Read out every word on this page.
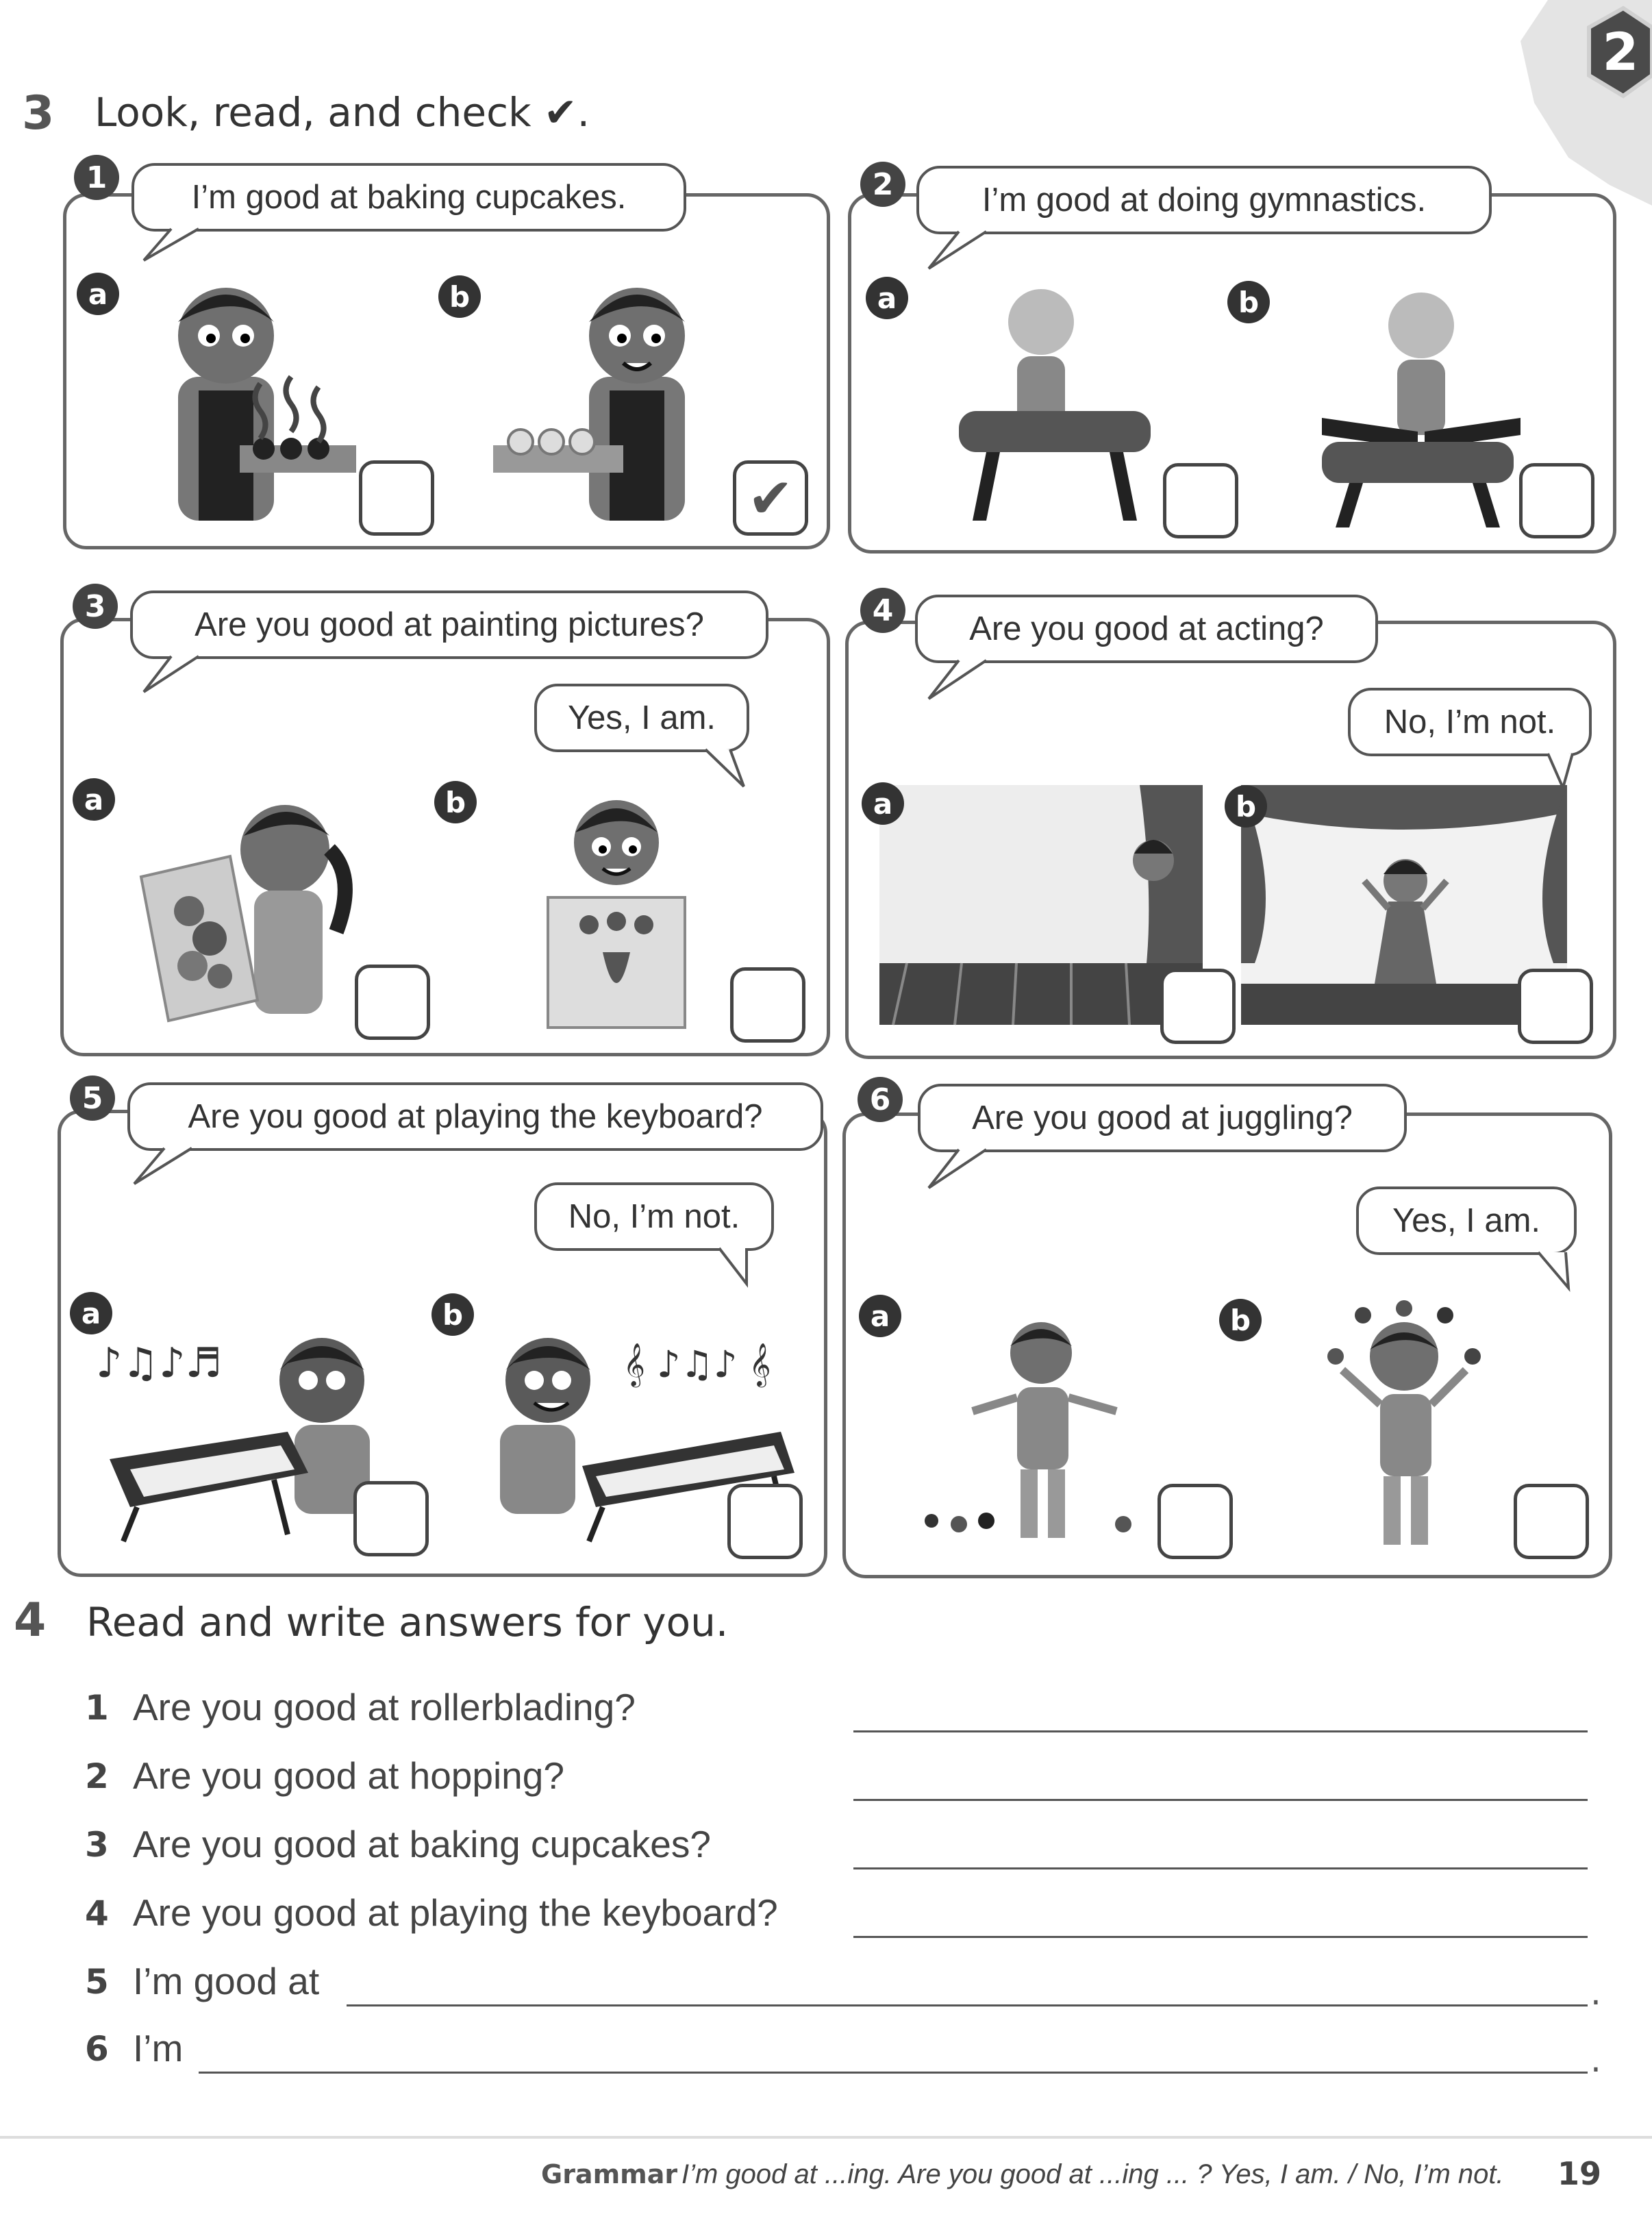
2
3 Look, read, and check ✔.
1
I’m good at baking cupcakes.
a	b
✔
2	I’m good at doing gymnastics.
a	b
3	Are you good at painting pictures?
Yes, I am.
a	b
4	Are you good at acting?
No, I’m not.
a	b
5	Are you good at playing the keyboard?
No, I’m not.
a	b
♪♫♪♬	𝄞 ♪♫♪ 𝄞
6	Are you good at juggling?
Yes, I am.
a	b
4 Read and write answers for you.
1 Are you good at rollerblading?
2 Are you good at hopping?
3 Are you good at baking cupcakes?
4 Are you good at playing the keyboard?
5 I’m good at	.
6 I’m	.
Grammar I’m good at ...ing. Are you good at ...ing ... ? Yes, I am. / No, I’m not. 19
